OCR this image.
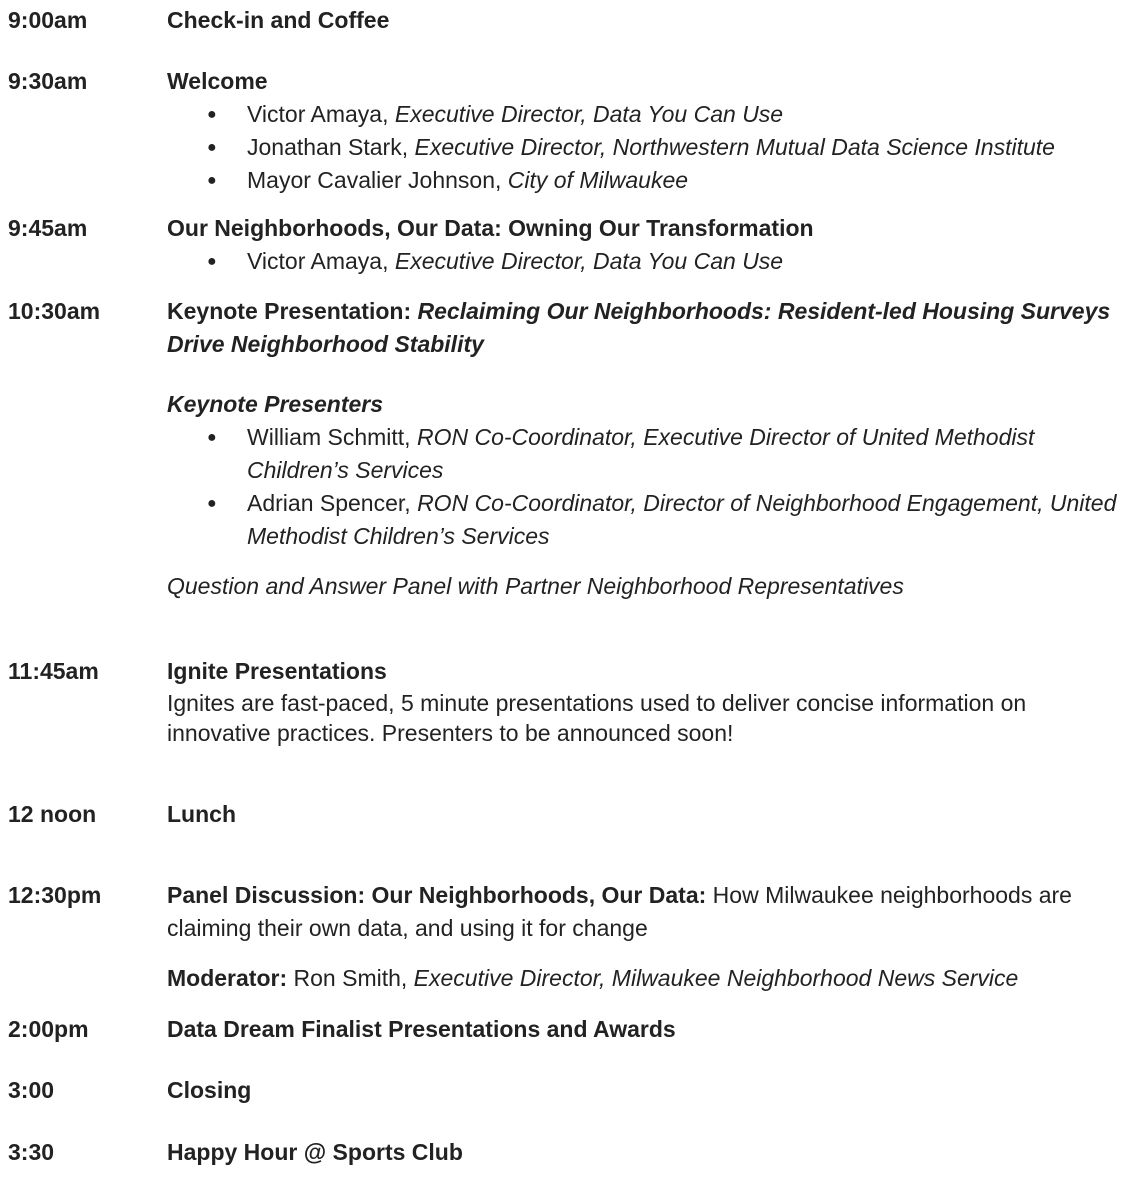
9:00am	Check-in and Coffee
9:30am	Welcome
● Victor Amaya, Executive Director, Data You Can Use
● Jonathan Stark, Executive Director, Northwestern Mutual Data Science Institute
● Mayor Cavalier Johnson, City of Milwaukee
9:45am	Our Neighborhoods, Our Data: Owning Our Transformation
● Victor Amaya, Executive Director, Data You Can Use
10:30am	Keynote Presentation: Reclaiming Our Neighborhoods: Resident-led Housing Surveys Drive Neighborhood Stability
Keynote Presenters
● William Schmitt, RON Co-Coordinator, Executive Director of United Methodist Children’s Services
● Adrian Spencer, RON Co-Coordinator, Director of Neighborhood Engagement, United Methodist Children’s Services
Question and Answer Panel with Partner Neighborhood Representatives
11:45am	Ignite Presentations
Ignites are fast-paced, 5 minute presentations used to deliver concise information on innovative practices. Presenters to be announced soon!
12 noon	Lunch
12:30pm	Panel Discussion: Our Neighborhoods, Our Data: How Milwaukee neighborhoods are claiming their own data, and using it for change
Moderator: Ron Smith, Executive Director, Milwaukee Neighborhood News Service
2:00pm	Data Dream Finalist Presentations and Awards
3:00	Closing
3:30	Happy Hour @ Sports Club
